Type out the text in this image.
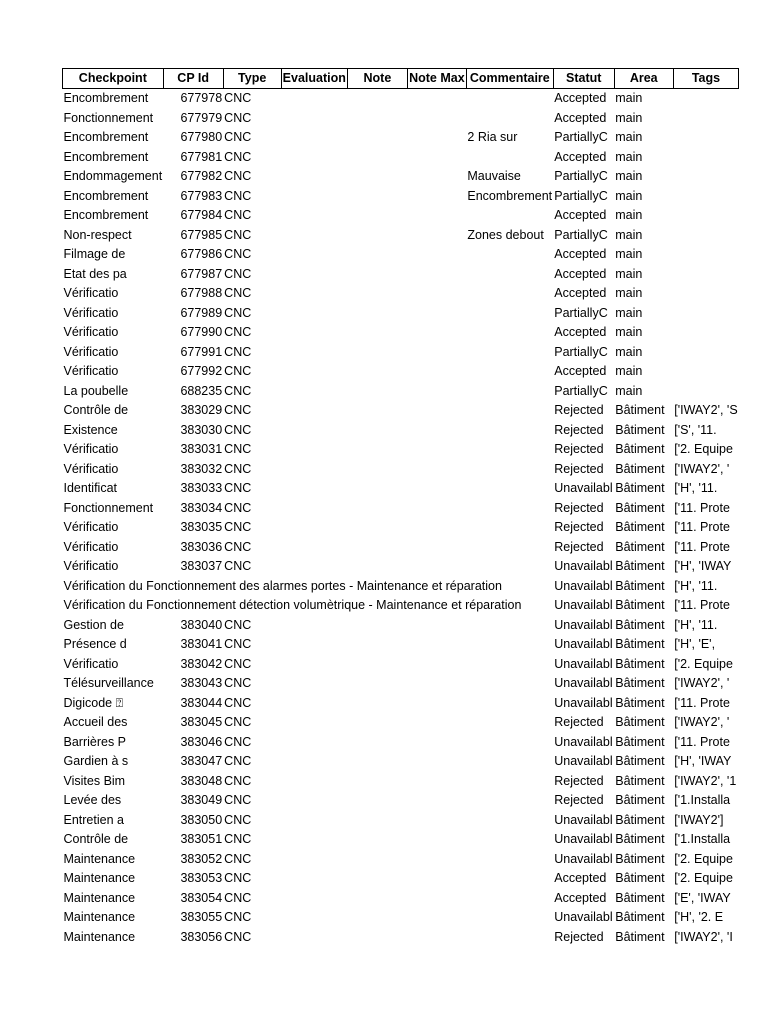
Checkpoint	CP Id	Type	Evaluation	Note	Note Max	Commentaire	Statut	Area	Tags
Encombrement	677978	CNC					Accepted	main	
Fonctionnement	677979	CNC					Accepted	main	
Encombrement	677980	CNC				2 Ria sur	PartiallyC	main	
Encombrement	677981	CNC					Accepted	main	
Endommagement	677982	CNC				Mauvaise	PartiallyC	main	
Encombrement	677983	CNC				Encombrement	PartiallyC	main	
Encombrement	677984	CNC					Accepted	main	
Non-respect	677985	CNC				Zones debout	PartiallyC	main	
Filmage de	677986	CNC					Accepted	main	
Etat des pa	677987	CNC					Accepted	main	
Vérificatio	677988	CNC					Accepted	main	
Vérificatio	677989	CNC					PartiallyC	main	
Vérificatio	677990	CNC					Accepted	main	
Vérificatio	677991	CNC					PartiallyC	main	
Vérificatio	677992	CNC					Accepted	main	
La poubelle	688235	CNC					PartiallyC	main	
Contrôle de	383029	CNC					Rejected	Bâtiment	['IWAY2', 'S
Existence	383030	CNC					Rejected	Bâtiment	['S', '11.
Vérificatio	383031	CNC					Rejected	Bâtiment	['2. Equipe
Vérificatio	383032	CNC					Rejected	Bâtiment	['IWAY2', '
Identificat	383033	CNC					Unavailabl	Bâtiment	['H', '11.
Fonctionnement	383034	CNC					Rejected	Bâtiment	['11. Prote
Vérificatio	383035	CNC					Rejected	Bâtiment	['11. Prote
Vérificatio	383036	CNC					Rejected	Bâtiment	['11. Prote
Vérificatio	383037	CNC					Unavailabl	Bâtiment	['H', 'IWAY
Vérification du Fonctionnement des alarmes portes - Maintenance et réparation							Unavailabl	Bâtiment	['H', '11.
Vérification du Fonctionnement détection volumètrique - Maintenance et réparation							Unavailabl	Bâtiment	['11. Prote
Gestion de	383040	CNC					Unavailabl	Bâtiment	['H', '11.
Présence d	383041	CNC					Unavailabl	Bâtiment	['H', 'E',
Vérificatio	383042	CNC					Unavailabl	Bâtiment	['2. Equipe
Télésurveillance	383043	CNC					Unavailabl	Bâtiment	['IWAY2', '
Digicode ⍰	383044	CNC					Unavailabl	Bâtiment	['11. Prote
Accueil des	383045	CNC					Rejected	Bâtiment	['IWAY2', '
Barrières P	383046	CNC					Unavailabl	Bâtiment	['11. Prote
Gardien à s	383047	CNC					Unavailabl	Bâtiment	['H', 'IWAY
Visites Bim	383048	CNC					Rejected	Bâtiment	['IWAY2', '1
Levée des	383049	CNC					Rejected	Bâtiment	['1.Installa
Entretien a	383050	CNC					Unavailabl	Bâtiment	['IWAY2']
Contrôle de	383051	CNC					Unavailabl	Bâtiment	['1.Installa
Maintenance	383052	CNC					Unavailabl	Bâtiment	['2. Equipe
Maintenance	383053	CNC					Accepted	Bâtiment	['2. Equipe
Maintenance	383054	CNC					Accepted	Bâtiment	['E', 'IWAY
Maintenance	383055	CNC					Unavailabl	Bâtiment	['H', '2. E
Maintenance	383056	CNC					Rejected	Bâtiment	['IWAY2', 'I
